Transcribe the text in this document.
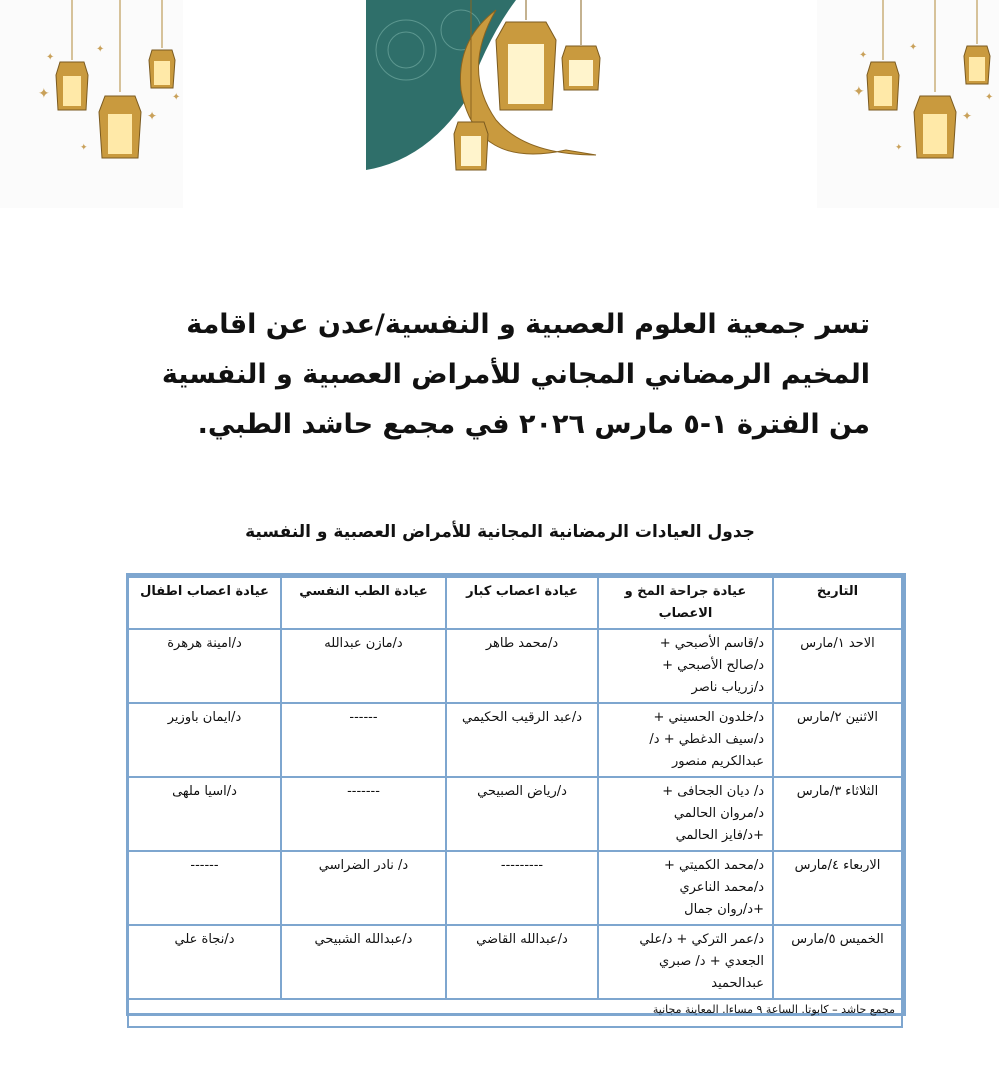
✦
✦
✦
✦
✦
✦
✦
✦
✦
✦
✦
✦
تسر جمعية العلوم العصبية و النفسية/عدن عن اقامة
المخيم الرمضاني المجاني للأمراض العصبية و النفسية
من الفترة ١-٥ مارس ٢٠٢٦ في مجمع حاشد الطبي.
جدول العيادات الرمضانية المجانية للأمراض العصبية و النفسية
التاريخ	عيادة جراحة المخ و الاعصاب	عيادة اعصاب كبار	عيادة الطب النفسي	عيادة اعصاب اطفال
الاحد ١/مارس	د/قاسم الأصبحي +
د/صالح الأصبحي +
د/زرياب ناصر	د/محمد طاهر	د/مازن عبدالله	د/امينة هرهرة
الاثنين ٢/مارس	د/خلدون الحسيني +
د/سيف الدغطي + د/
عبدالكريم منصور	د/عبد الرقيب الحكيمي	------	د/ايمان باوزير
الثلاثاء ٣/مارس	د/ ديان الجحافى +
د/مروان الحالمي
+د/فايز الحالمي	د/رياض الصبيحي	-------	د/اسيا ملهى
الاربعاء ٤/مارس	د/محمد الكميتي +
د/محمد الناعري
+د/روان جمال	---------	د/ نادر الضراسي	------
الخميس ٥/مارس	د/عمر التركي + د/علي
الجعدي + د/ صبري
عبدالحميد	د/عبدالله القاضي	د/عبدالله الشبيحي	د/نجاة علي
مجمع حاشد – كابوتا. الساعة ٩ مساءا. المعاينة مجانية				
